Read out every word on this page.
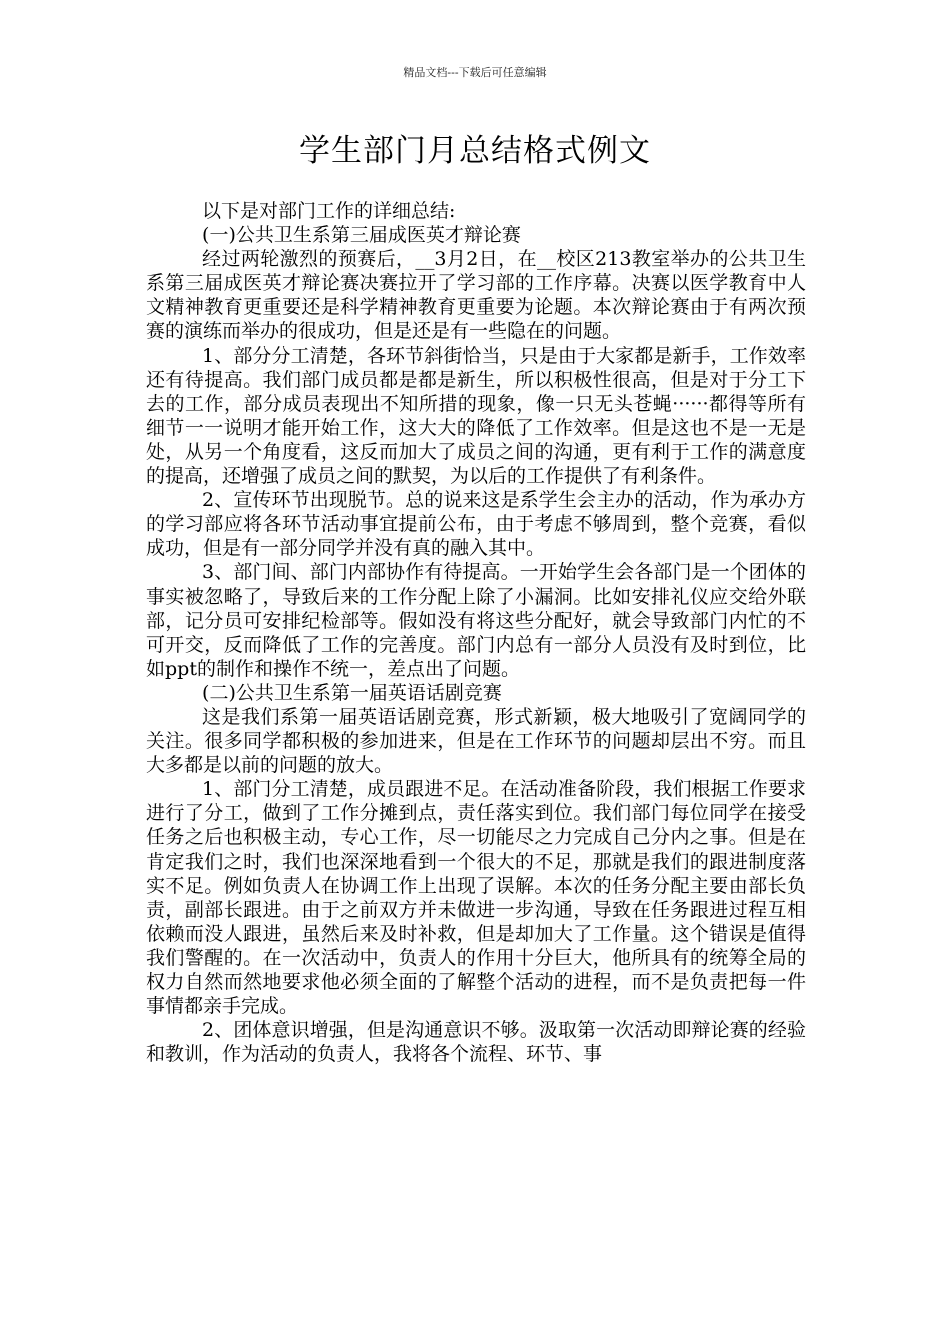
精品文档---下载后可任意编辑
学生部门月总结格式例文

以下是对部门工作的详细总结:

(一)公共卫生系第三届成医英才辩论赛

经过两轮激烈的预赛后，__3月2日，在__校区213教室举办的公共卫生系第三届成医英才辩论赛决赛拉开了学习部的工作序幕。决赛以医学教育中人文精神教育更重要还是科学精神教育更重要为论题。本次辩论赛由于有两次预赛的演练而举办的很成功，但是还是有一些隐在的问题。

1、部分分工清楚，各环节斜街恰当，只是由于大家都是新手，工作效率还有待提高。我们部门成员都是都是新生，所以积极性很高，但是对于分工下去的工作，部分成员表现出不知所措的现象，像一只无头苍蝇······都得等所有细节一一说明才能开始工作，这大大的降低了工作效率。但是这也不是一无是处，从另一个角度看，这反而加大了成员之间的沟通，更有利于工作的满意度的提高，还增强了成员之间的默契，为以后的工作提供了有利条件。

2、宣传环节出现脱节。总的说来这是系学生会主办的活动，作为承办方的学习部应将各环节活动事宜提前公布，由于考虑不够周到，整个竞赛，看似成功，但是有一部分同学并没有真的融入其中。

3、部门间、部门内部协作有待提高。一开始学生会各部门是一个团体的事实被忽略了，导致后来的工作分配上除了小漏洞。比如安排礼仪应交给外联部，记分员可安排纪检部等。假如没有将这些分配好，就会导致部门内忙的不可开交，反而降低了工作的完善度。部门内总有一部分人员没有及时到位，比如ppt的制作和操作不统一，差点出了问题。

(二)公共卫生系第一届英语话剧竞赛

这是我们系第一届英语话剧竞赛，形式新颖，极大地吸引了宽阔同学的关注。很多同学都积极的参加进来，但是在工作环节的问题却层出不穷。而且大多都是以前的问题的放大。

1、部门分工清楚，成员跟进不足。在活动准备阶段，我们根据工作要求进行了分工，做到了工作分摊到点，责任落实到位。我们部门每位同学在接受任务之后也积极主动，专心工作，尽一切能尽之力完成自己分内之事。但是在肯定我们之时，我们也深深地看到一个很大的不足，那就是我们的跟进制度落实不足。例如负责人在协调工作上出现了误解。本次的任务分配主要由部长负责，副部长跟进。由于之前双方并未做进一步沟通，导致在任务跟进过程互相依赖而没人跟进，虽然后来及时补救，但是却加大了工作量。这个错误是值得我们警醒的。在一次活动中，负责人的作用十分巨大，他所具有的统筹全局的权力自然而然地要求他必须全面的了解整个活动的进程，而不是负责把每一件事情都亲手完成。

2、团体意识增强，但是沟通意识不够。汲取第一次活动即辩论赛的经验和教训，作为活动的负责人，我将各个流程、环节、事
